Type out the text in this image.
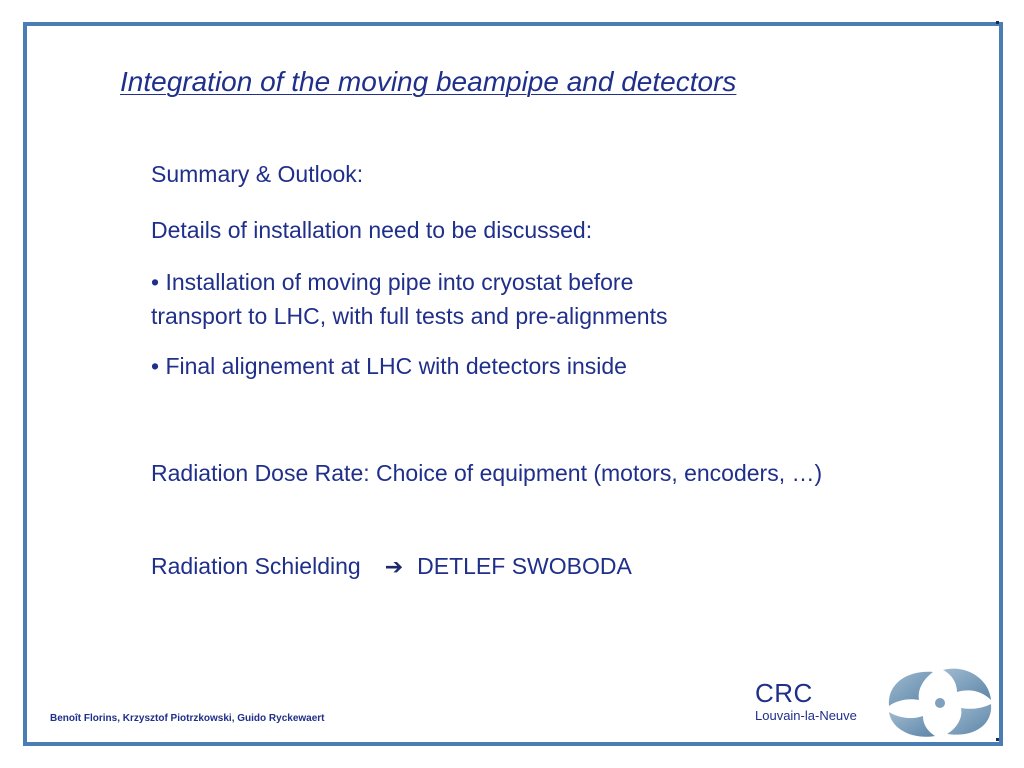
Integration of the moving beampipe and detectors

Summary & Outlook:

Details of installation need to be discussed:

• Installation of moving pipe into cryostat before

transport to LHC, with full tests and pre-alignments

• Final alignement at LHC with detectors inside

Radiation Dose Rate: Choice of equipment (motors, encoders, …)

Radiation Schielding ➔ DETLEF SWOBODA

Benoît Florins, Krzysztof Piotrzkowski, Guido Ryckewaert
CRC
Louvain-la-Neuve
